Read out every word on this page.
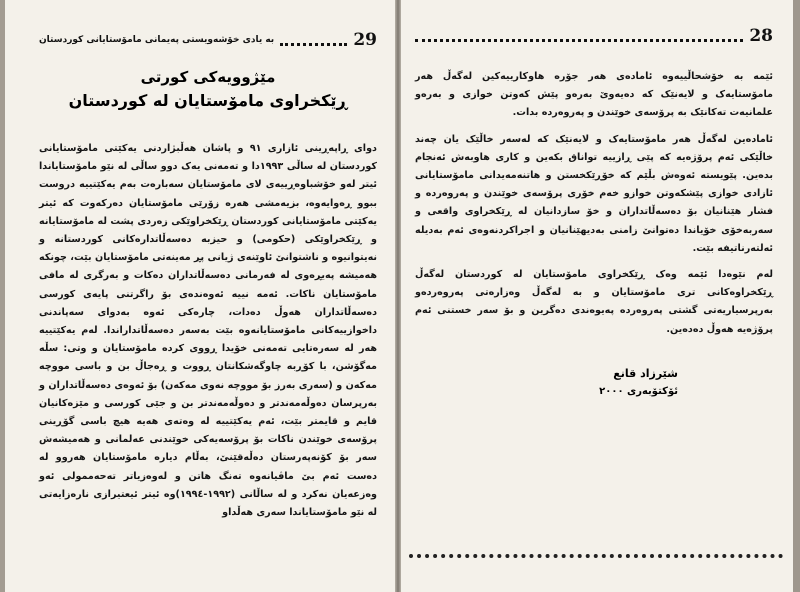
بە یادی خۆشەویستی پەیمانی مامۆستایانی کوردستان	29
مێژوویەکی کورتی
ڕێکخراوی مامۆستایان لە کوردستان

دوای ڕاپەڕینی ئازاری ٩١ و پاشان هەڵبژاردنی یەکێتی مامۆستایانی کوردستان لە ساڵی ١٩٩٣دا و تەمەنی یەک دوو ساڵی لە نێو مامۆستایاندا ئیتر لەو خۆشباوەڕییەی لای مامۆستایان سەبارەت بەم یەکێتییە دروست ببوو ڕەوایەوە، بزیەمشی هەرە زۆرێی مامۆستایان دەرکەوت کە ئیتر یەکێتی مامۆستایانی کوردستان ڕێکخراوێکی زەردی پشت لە مامۆستایانە و ڕێکخراوێکی (حکومی) و حیزبە دەسەڵاتدارەکانی کوردستانە و نەیتوانیوە و ناشتوانێ ئاوێنەی ژیانی پڕ مەینەتی مامۆستایان بێت، چونکە هەمیشە پەیڕەوی لە فەرمانی دەسەڵاتداران دەکات و بەرگری لە مافی مامۆستایان ناکات. ئەمە نییە ئەوەندەی بۆ راگرتنی پایەی کورسی دەسەڵاتداران هەوڵ دەدات، چارەکی ئەوە بەدوای سەپاندنی داخوازییەکانی مامۆستایانەوە بێت بەسەر دەسەڵاتداراندا. لەم یەکێتییە هەر لە سەرەتایی تەمەنی خۆیدا ڕووی کردە مامۆستایان و وتی: سڵە مەگۆشن، با کۆڕبە چاوگەشکانتان ڕووت و ڕەجاڵ بن و باسی مووچە مەکەن و (سەری بەرز بۆ مووچە نەوی مەکەن) بۆ ئەوەی دەسەڵاتداران و بەرپرسان دەوڵەمەندتر و دەوڵەمەندتر بن و جێی کورسی و مێزەکانیان قایم و قایمتر بێت، ئەم یەکێتییە لە وەتەی هەیە هیچ باسی گۆڕینی پرۆسەی خوێندن ناکات بۆ پرۆسەیەکی خوێندنی عەلمانی و هەمیشەش سەر بۆ کۆنەپەرستان دەڵەقێنێ، بەڵام دیارە مامۆستایان هەروو لە دەست ئەم بێ ماڤیانەوە تەنگ هاتن و لەوەزیاتر تەحەممولی ئەو وەزعەیان نەکرد و لە ساڵانی (١٩٩٢-١٩٩٤)وە ئیتر ئیعتیرازی نارەزایەتی لە نێو مامۆستایاندا سەری هەڵداو

28

ئێمە بە خۆشحاڵییەوە ئامادەی هەر جۆرە هاوکارییەکین لەگەڵ هەر مامۆستایەک و لایەنێک کە دەیەوێ بەرەو پێش کەوتن خوازی و بەرەو علمانیەت تەکانێک بە پرۆسەی خوێندن و پەروەردە بدات.

ئامادەین لەگەڵ هەر مامۆستایەک و لایەنێک کە لەسەر خاڵێک یان چەند خاڵێکی ئەم پرۆژەیە کە پێی ڕازییە تواناق بکەین و کاری هاوبەش ئەنجام بدەین. پێویستە ئەوەش بڵێم کە خۆڕێکخستن و هاتنەمەیدانی مامۆستایانی ئازادی خوازی پێشکەوتن خوازو خەم خۆری پرۆسەی خوێندن و پەروەردە و فشار هێنانیان بۆ دەسەڵاتداران و خۆ سازدانیان لە ڕێکخراوی واقعی و سەربەخۆی خۆیاندا دەتوانێ زامنی بەدیهێنانیان و اجراکردنەوەی ئەم بەدیلە ئەلتەرناتیفە بێت.

لەم نێوەدا ئێمە وەک ڕێکخراوی مامۆستایان لە کوردستان لەگەڵ ڕێکخراوەکانی تری مامۆستایان و بە لەگەڵ وەزارەتی پەروەردەو بەرپرسیاریەتی گشتی پەروەردە پەیوەندی دەگرین و بۆ سەر خستنی ئەم پرۆژەیە هەوڵ دەدەین.

شێرزاد قانع
ئۆکتۆبەری ٢٠٠٠
